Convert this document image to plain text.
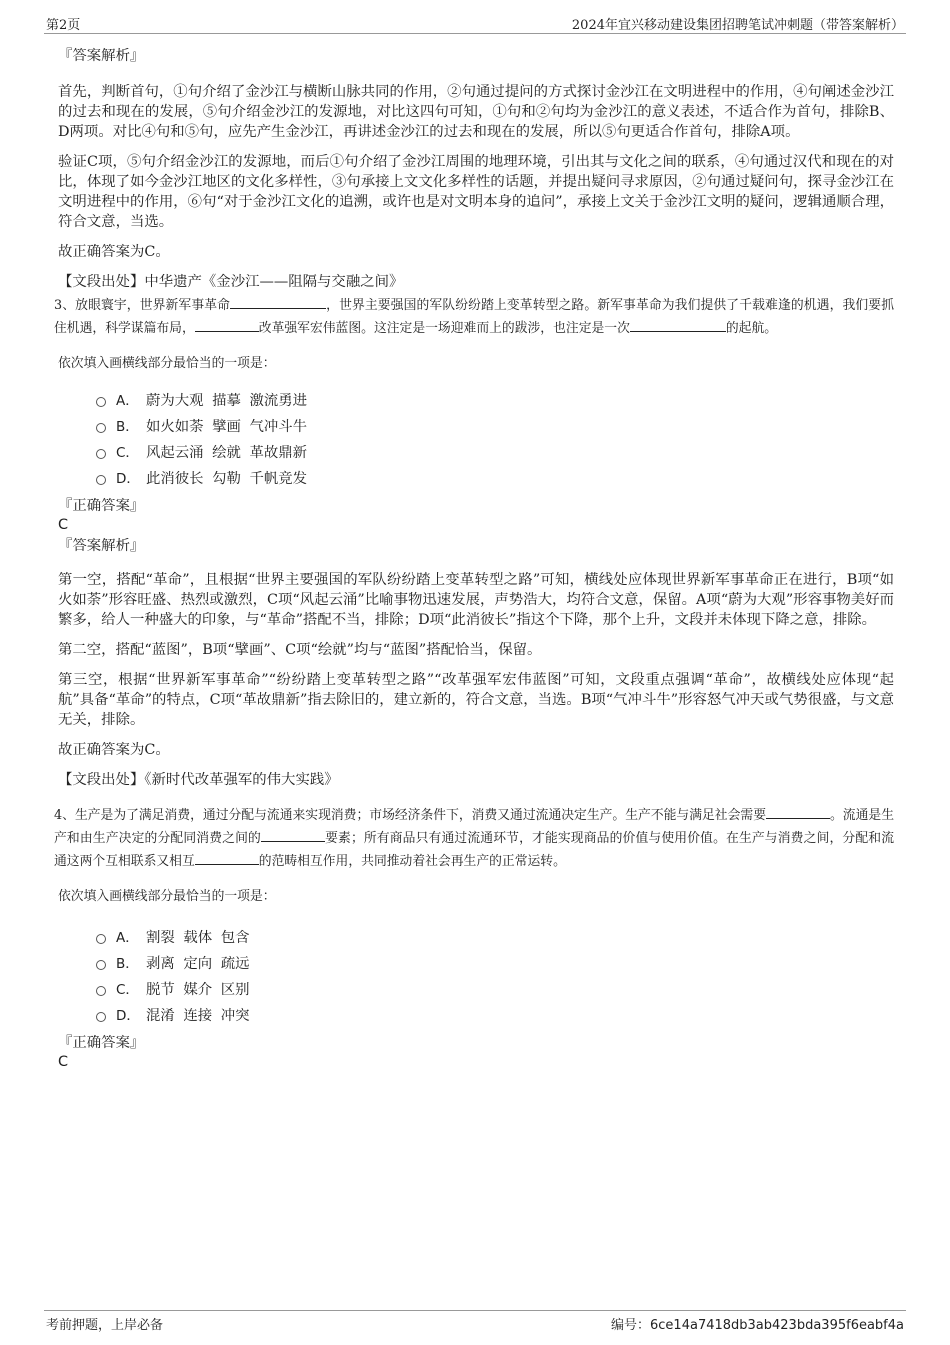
第2页	2024年宜兴移动建设集团招聘笔试冲刺题（带答案解析）

『答案解析』

首先，判断首句，①句介绍了金沙江与横断山脉共同的作用，②句通过提问的方式探讨金沙江在文明进程中的作用，④句阐述金沙江的过去和现在的发展，⑤句介绍金沙江的发源地，对比这四句可知，①句和②句均为金沙江的意义表述，不适合作为首句，排除B、D两项。对比④句和⑤句，应先产生金沙江，再讲述金沙江的过去和现在的发展，所以⑤句更适合作首句，排除A项。

验证C项，⑤句介绍金沙江的发源地，而后①句介绍了金沙江周围的地理环境，引出其与文化之间的联系，④句通过汉代和现在的对比，体现了如今金沙江地区的文化多样性，③句承接上文文化多样性的话题，并提出疑问寻求原因，②句通过疑问句，探寻金沙江在文明进程中的作用，⑥句“对于金沙江文化的追溯，或许也是对文明本身的追问”，承接上文关于金沙江文明的疑问，逻辑通顺合理，符合文意，当选。

故正确答案为C。

【文段出处】中华遗产《金沙江——阻隔与交融之间》

3、放眼寰宇，世界新军事革命	，世界主要强国的军队纷纷踏上变革转型之路。新军事革命为我们提供了千载难逢的机遇，我们要抓住机遇，科学谋篇布局，	改革强军宏伟蓝图。这注定是一场迎难而上的跋涉，也注定是一次	的起航。

依次填入画横线部分最恰当的一项是：

A． 蔚为大观 描摹 激流勇进
B． 如火如荼 擘画 气冲斗牛
C． 风起云涌 绘就 革故鼎新
D． 此消彼长 勾勒 千帆竞发

『正确答案』

C

『答案解析』

第一空，搭配“革命”，且根据“世界主要强国的军队纷纷踏上变革转型之路”可知，横线处应体现世界新军事革命正在进行，B项“如火如荼”形容旺盛、热烈或激烈，C项“风起云涌”比喻事物迅速发展，声势浩大，均符合文意，保留。A项“蔚为大观”形容事物美好而繁多，给人一种盛大的印象，与“革命”搭配不当，排除；D项“此消彼长”指这个下降，那个上升，文段并未体现下降之意，排除。

第二空，搭配“蓝图”，B项“擘画”、C项“绘就”均与“蓝图”搭配恰当，保留。

第三空，根据“世界新军事革命”“纷纷踏上变革转型之路”“改革强军宏伟蓝图”可知，文段重点强调“革命”，故横线处应体现“起航”具备“革命”的特点，C项“革故鼎新”指去除旧的，建立新的，符合文意，当选。B项“气冲斗牛”形容怒气冲天或气势很盛，与文意无关，排除。

故正确答案为C。

【文段出处】《新时代改革强军的伟大实践》

4、生产是为了满足消费，通过分配与流通来实现消费；市场经济条件下，消费又通过流通决定生产。生产不能与满足社会需要	。流通是生产和由生产决定的分配同消费之间的	要素；所有商品只有通过流通环节，才能实现商品的价值与使用价值。在生产与消费之间，分配和流通这两个互相联系又相互	的范畴相互作用，共同推动着社会再生产的正常运转。

依次填入画横线部分最恰当的一项是：

A． 割裂 载体 包含
B． 剥离 定向 疏远
C． 脱节 媒介 区别
D． 混淆 连接 冲突

『正确答案』

C

考前押题，上岸必备	编号：6ce14a7418db3ab423bda395f6eabf4a
